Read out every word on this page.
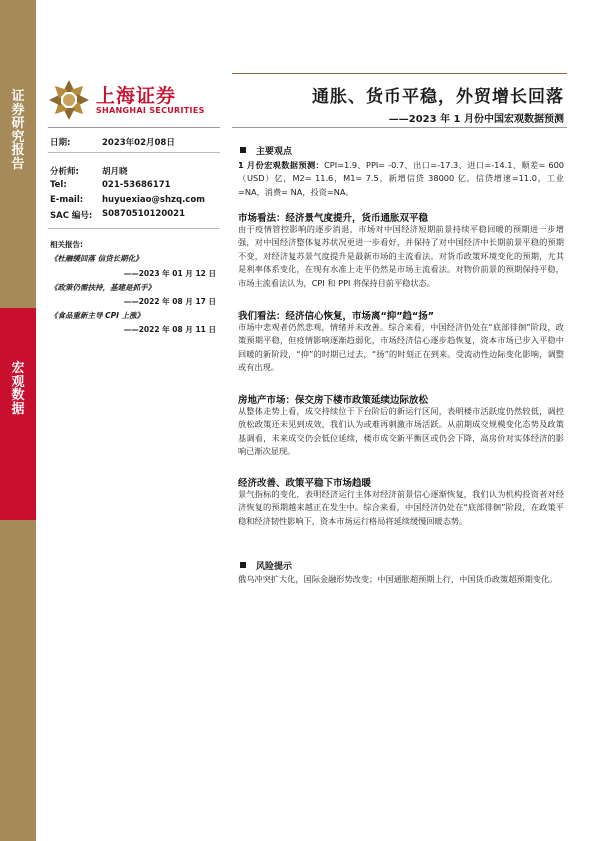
证券研究报告
宏观数据
上海证券
SHANGHAI SECURITIES
通胀、货币平稳，外贸增长回落
——2023 年 1 月份中国宏观数据预测
日期:	2023年02月08日
分析师:	胡月晓
Tel:	021-53686171
E-mail: huyuexiao@shzq.com
SAC 编号: S0870510120021
相关报告:
《杜融缓回落 信贷长期化》
——2023 年 01 月 12 日
《政策仍需扶持，基建是抓手》
——2022 年 08 月 17 日
《食品重新主导 CPI 上涨》
——2022 年 08 月 11 日
主要观点
1 月份宏观数据预测：CPI=1.9、PPI= -0.7、出口=-17.3、进口=-14.1、顺差= 600（USD）亿，M2= 11.6，M1= 7.5，新增信贷 38000 亿，信贷增速=11.0，工业=NA，消费= NA，投资=NA。
市场看法：经济景气度提升，货币通胀双平稳
由于疫情管控影响的逐步消退，市场对中国经济短期前景持续平稳回暖的预期进一步增强，对中国经济整体复苏状况更进一步看好，并保持了对中国经济中长期前景平稳的预期不变，对经济复苏景气度提升是最新市场的主流看法。对货币政策环境变化的预期，尤其是利率体系变化，在现有水准上走平仍然是市场主流看法。对物价前景的预期保持平稳，市场主流看法认为，CPI 和 PPI 将保持目前平稳状态。
我们看法：经济信心恢复，市场离“抑”趋“扬”
市场中悲观者仍然悲观，情绪并未改善。综合来看，中国经济仍处在“底部徘徊”阶段，政策预期平稳，但疫情影响逐渐趋弱化，市场经济信心逐步趋恢复，资本市场已步入平稳中回暖的新阶段，“抑”的时期已过去，“扬”的时刻正在到来。受流动性边际变化影响，调整或有出现。
房地产市场：保交房下楼市政策延续边际放松
从整体走势上看，成交持续位于下台阶后的新运行区间，表明楼市活跃度仍然较低，调控放松政策还未见到成效，我们认为或难再刺激市场活跃。从前期成交规模变化态势及政策基调看，未来成交仍会低位延续，楼市成交新平衡区或仍会下降，高房价对实体经济的影响已渐次显现。
经济改善、政策平稳下市场趋暖
景气指标的变化，表明经济运行主体对经济前景信心逐渐恢复，我们认为机构投资者对经济恢复的预期越来越正在发生中。综合来看，中国经济仍处在“底部徘徊”阶段，在政策平稳和经济韧性影响下，资本市场运行格局将延续缓慢回暖态势。
风险提示
俄乌冲突扩大化，国际金融形势改变；中国通胀超预期上行，中国货币政策超预期变化。
